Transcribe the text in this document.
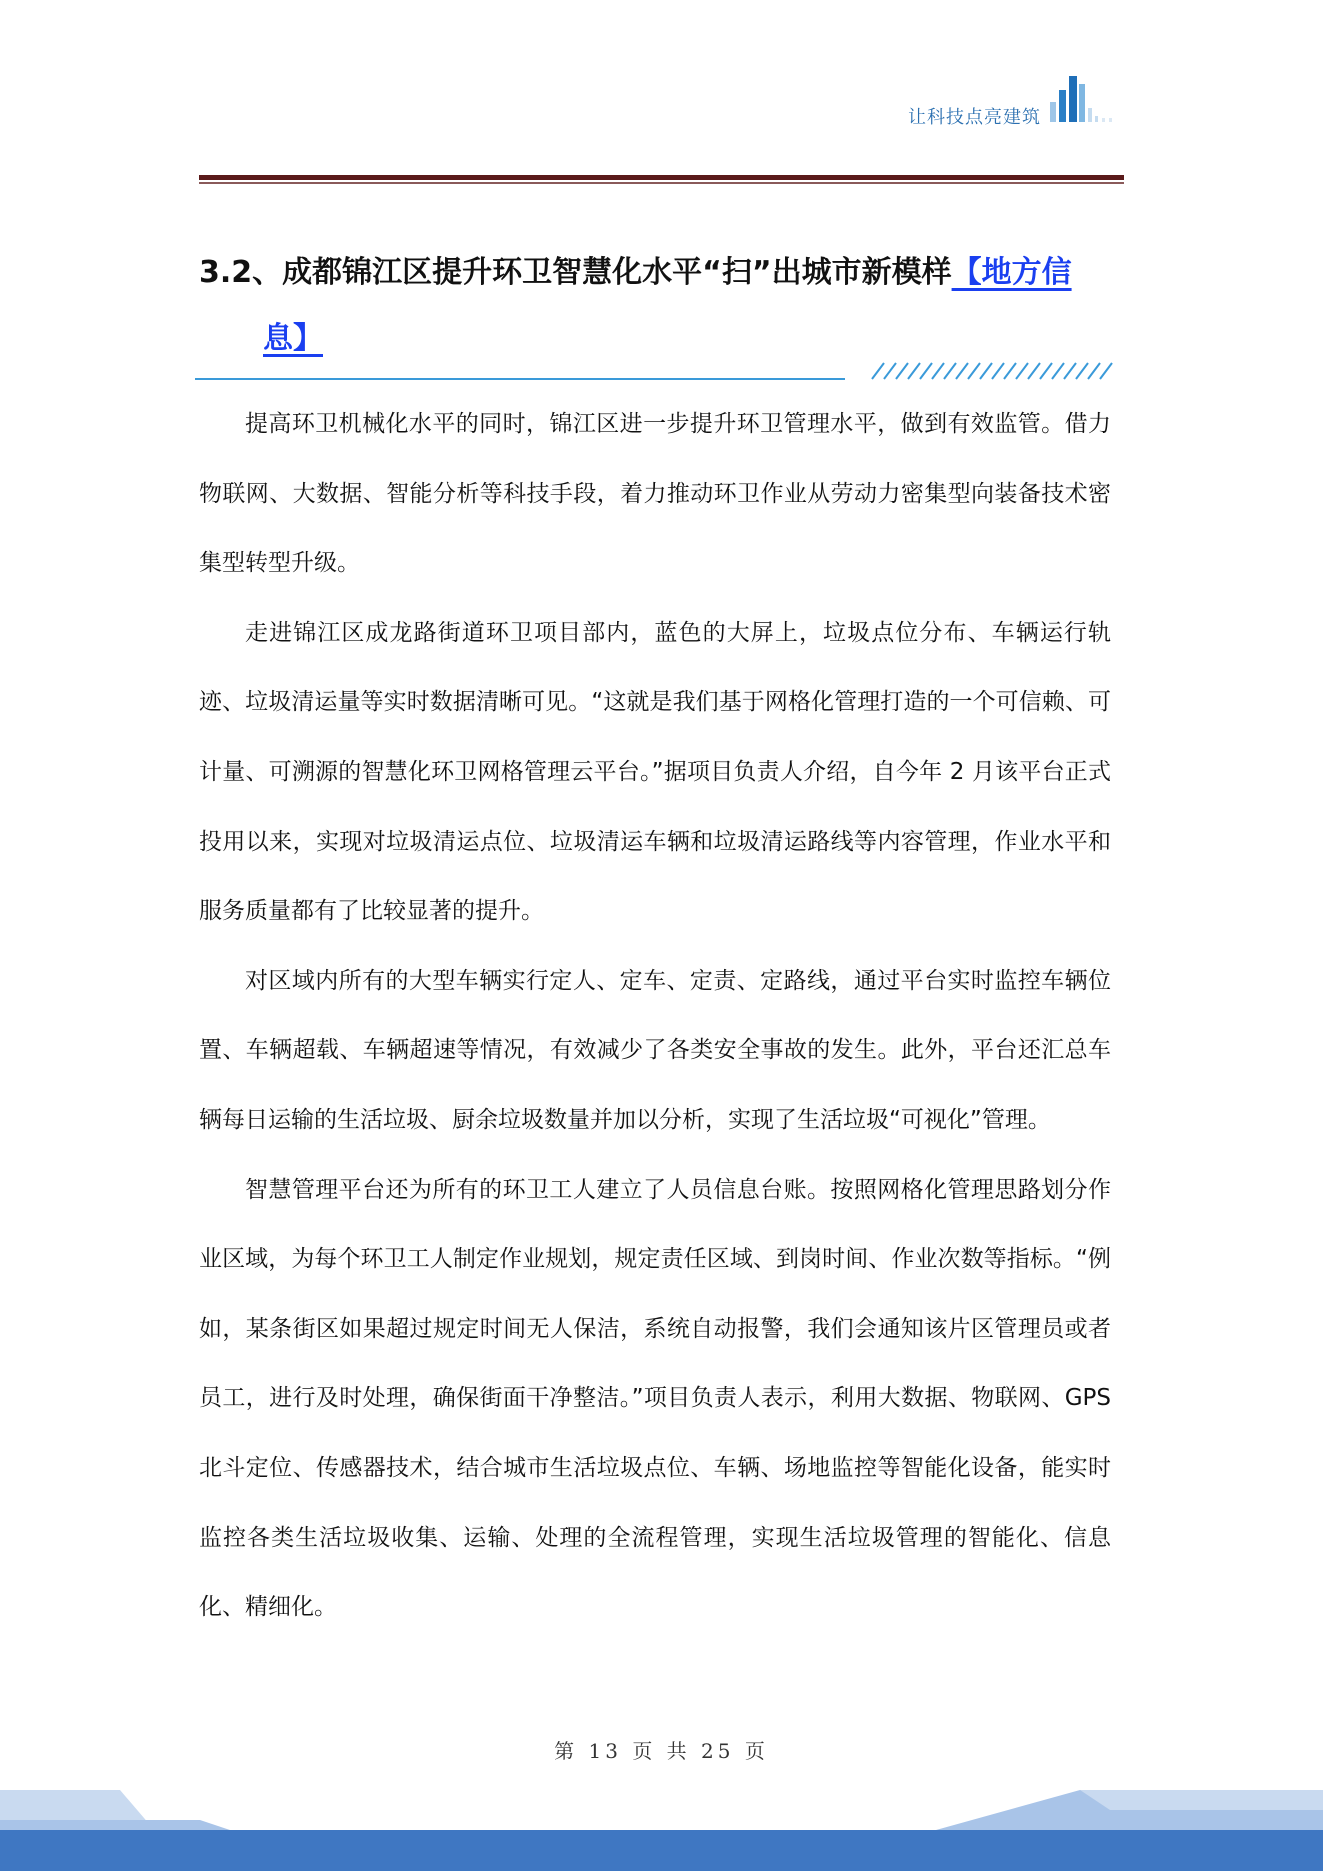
让科技点亮建筑
3.2、成都锦江区提升环卫智慧化水平“扫”出城市新模样【地方信
息】

提高环卫机械化水平的同时，锦江区进一步提升环卫管理水平，做到有效监管。借力物联网、大数据、智能分析等科技手段，着力推动环卫作业从劳动力密集型向装备技术密集型转型升级。

走进锦江区成龙路街道环卫项目部内，蓝色的大屏上，垃圾点位分布、车辆运行轨迹、垃圾清运量等实时数据清晰可见。“这就是我们基于网格化管理打造的一个可信赖、可计量、可溯源的智慧化环卫网格管理云平台。”据项目负责人介绍，自今年 2 月该平台正式投用以来，实现对垃圾清运点位、垃圾清运车辆和垃圾清运路线等内容管理，作业水平和服务质量都有了比较显著的提升。

对区域内所有的大型车辆实行定人、定车、定责、定路线，通过平台实时监控车辆位置、车辆超载、车辆超速等情况，有效减少了各类安全事故的发生。此外，平台还汇总车辆每日运输的生活垃圾、厨余垃圾数量并加以分析，实现了生活垃圾“可视化”管理。

智慧管理平台还为所有的环卫工人建立了人员信息台账。按照网格化管理思路划分作业区域，为每个环卫工人制定作业规划，规定责任区域、到岗时间、作业次数等指标。“例如，某条街区如果超过规定时间无人保洁，系统自动报警，我们会通知该片区管理员或者员工，进行及时处理，确保街面干净整洁。”项目负责人表示，利用大数据、物联网、GPS 北斗定位、传感器技术，结合城市生活垃圾点位、车辆、场地监控等智能化设备，能实时监控各类生活垃圾收集、运输、处理的全流程管理，实现生活垃圾管理的智能化、信息化、精细化。

第 13 页 共 25 页
